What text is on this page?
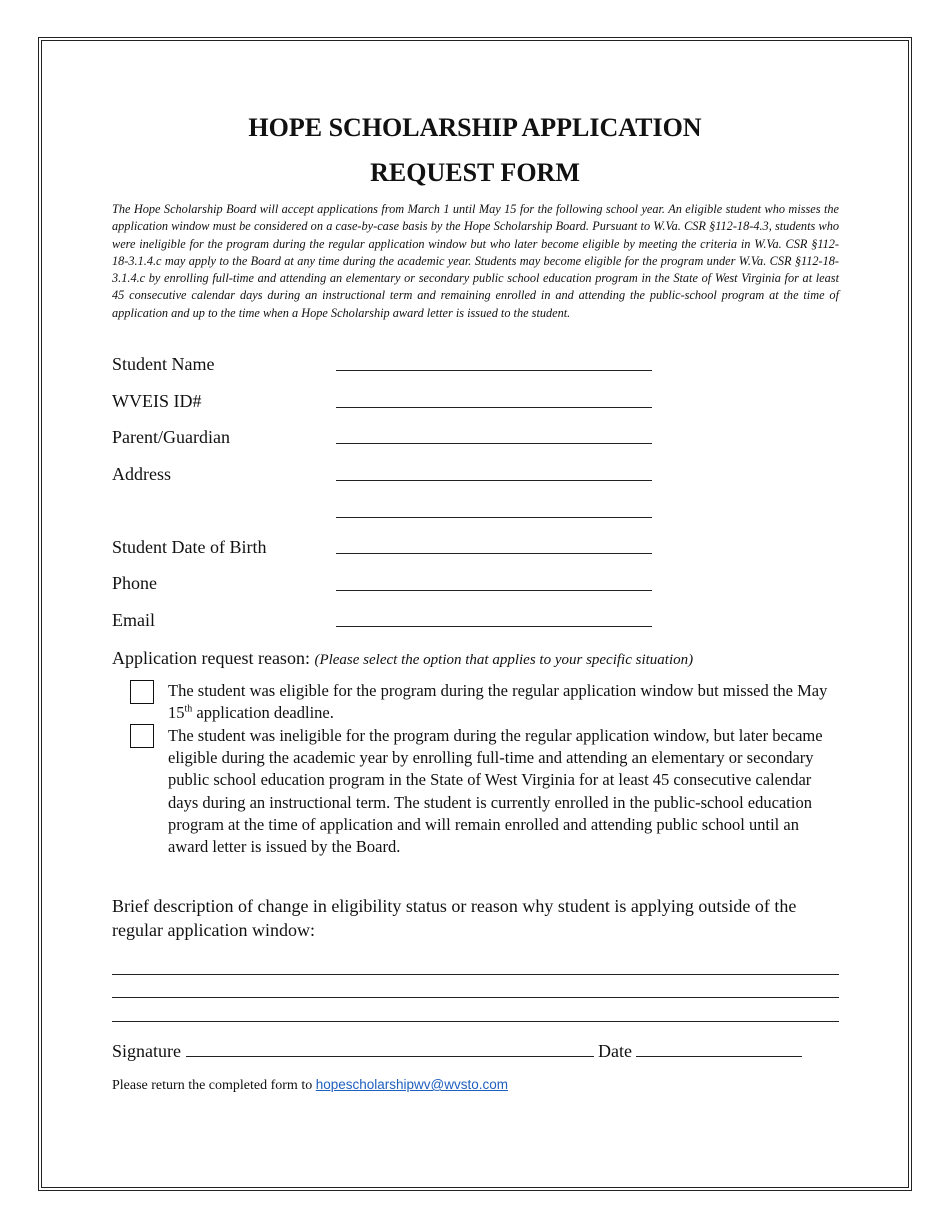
HOPE SCHOLARSHIP APPLICATION
REQUEST FORM
The Hope Scholarship Board will accept applications from March 1 until May 15 for the following school year. An eligible student who misses the application window must be considered on a case-by-case basis by the Hope Scholarship Board. Pursuant to W.Va. CSR §112-18-4.3, students who were ineligible for the program during the regular application window but who later become eligible by meeting the criteria in W.Va. CSR §112-18-3.1.4.c may apply to the Board at any time during the academic year. Students may become eligible for the program under W.Va. CSR §112-18-3.1.4.c by enrolling full-time and attending an elementary or secondary public school education program in the State of West Virginia for at least 45 consecutive calendar days during an instructional term and remaining enrolled in and attending the public-school program at the time of application and up to the time when a Hope Scholarship award letter is issued to the student.
Student Name
WVEIS ID#
Parent/Guardian
Address
Student Date of Birth
Phone
Email
Application request reason: (Please select the option that applies to your specific situation)
The student was eligible for the program during the regular application window but missed the May 15th application deadline.
The student was ineligible for the program during the regular application window, but later became eligible during the academic year by enrolling full-time and attending an elementary or secondary public school education program in the State of West Virginia for at least 45 consecutive calendar days during an instructional term. The student is currently enrolled in the public-school education program at the time of application and will remain enrolled and attending public school until an award letter is issued by the Board.
Brief description of change in eligibility status or reason why student is applying outside of the regular application window:
Signature	Date
Please return the completed form to hopescholarshipwv@wvsto.com
